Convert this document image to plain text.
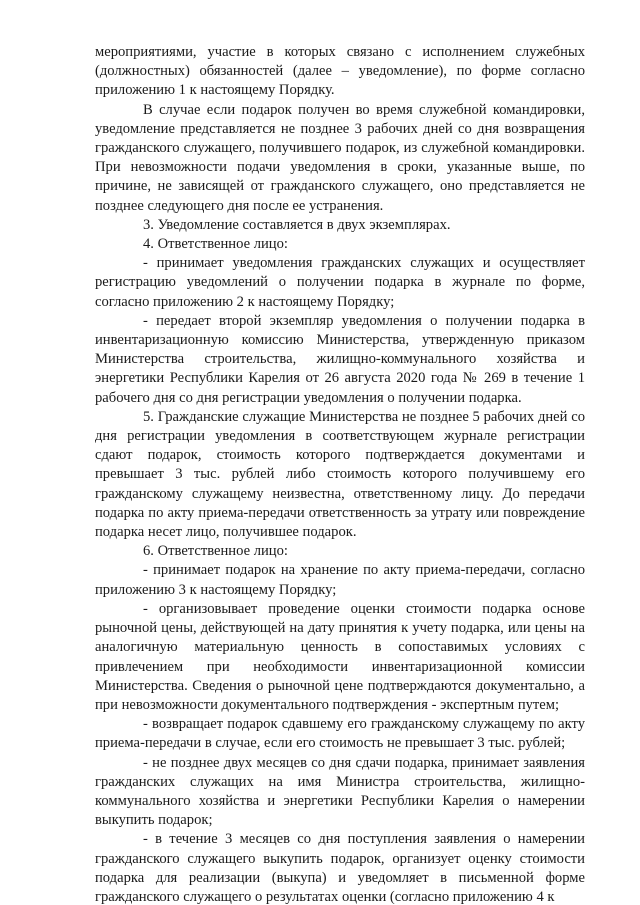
мероприятиями, участие в которых связано с исполнением служебных (должностных) обязанностей (далее – уведомление), по форме согласно приложению 1 к настоящему Порядку.

В случае если подарок получен во время служебной командировки, уведомление представляется не позднее 3 рабочих дней со дня возвращения гражданского служащего, получившего подарок, из служебной командировки. При невозможности подачи уведомления в сроки, указанные выше, по причине, не зависящей от гражданского служащего, оно представляется не позднее следующего дня после ее устранения.

3. Уведомление составляется в двух экземплярах.

4. Ответственное лицо:

- принимает уведомления гражданских служащих и осуществляет регистрацию уведомлений о получении подарка в журнале по форме, согласно приложению 2 к настоящему Порядку;

- передает второй экземпляр уведомления о получении подарка в инвентаризационную комиссию Министерства, утвержденную приказом Министерства строительства, жилищно-коммунального хозяйства и энергетики Республики Карелия от 26 августа 2020 года № 269 в течение 1 рабочего дня со дня регистрации уведомления о получении подарка.

5. Гражданские служащие Министерства не позднее 5 рабочих дней со дня регистрации уведомления в соответствующем журнале регистрации сдают подарок, стоимость которого подтверждается документами и превышает 3 тыс. рублей либо стоимость которого получившему его гражданскому служащему неизвестна, ответственному лицу. До передачи подарка по акту приема-передачи ответственность за утрату или повреждение подарка несет лицо, получившее подарок.

6. Ответственное лицо:

- принимает подарок на хранение по акту приема-передачи, согласно приложению 3 к настоящему Порядку;

- организовывает проведение оценки стоимости подарка основе рыночной цены, действующей на дату принятия к учету подарка, или цены на аналогичную материальную ценность в сопоставимых условиях с привлечением при необходимости инвентаризационной комиссии Министерства. Сведения о рыночной цене подтверждаются документально, а при невозможности документального подтверждения - экспертным путем;

- возвращает подарок сдавшему его гражданскому служащему по акту приема-передачи в случае, если его стоимость не превышает 3 тыс. рублей;

- не позднее двух месяцев со дня сдачи подарка, принимает заявления гражданских служащих на имя Министра строительства, жилищно-коммунального хозяйства и энергетики Республики Карелия о намерении выкупить подарок;

- в течение 3 месяцев со дня поступления заявления о намерении гражданского служащего выкупить подарок, организует оценку стоимости подарка для реализации (выкупа) и уведомляет в письменной форме гражданского служащего о результатах оценки (согласно приложению 4 к
